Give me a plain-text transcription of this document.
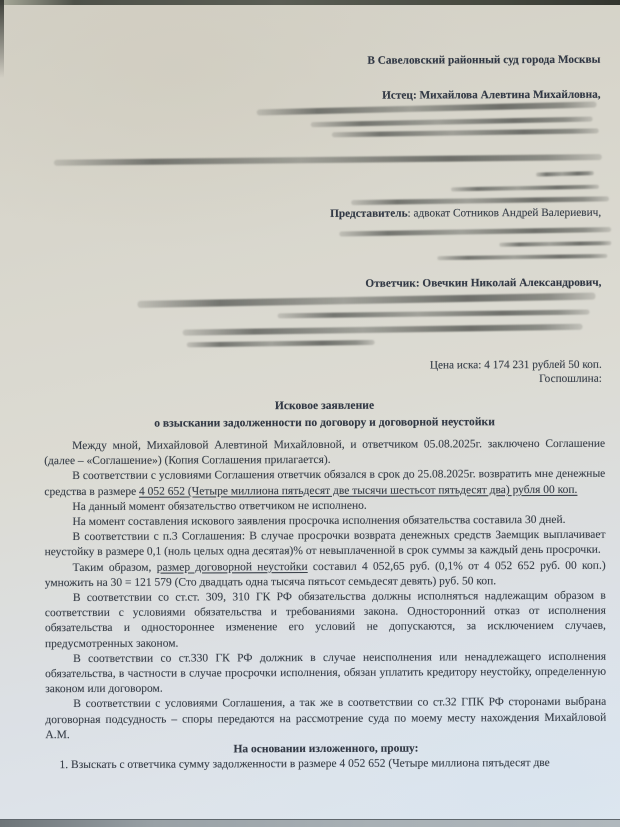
В Савеловский районный суд города Москвы
Истец: Михайлова Алевтина Михайловна,
Представитель: адвокат Сотников Андрей Валериевич,
Ответчик: Овечкин Николай Александрович,
Цена иска: 4 174 231 рублей 50 коп.
Госпошлина:
Исковое заявление
о взыскании задолженности по договору и договорной неустойки

Между мной, Михайловой Алевтиной Михайловной, и ответчиком 05.08.2025г. заключено Соглашение (далее – «Соглашение») (Копия Соглашения прилагается).

В соответствии с условиями Соглашения ответчик обязался в срок до 25.08.2025г. возвратить мне денежные средства в размере 4 052 652 (Четыре миллиона пятьдесят две тысячи шестьсот пятьдесят два) рубля 00 коп.

На данный момент обязательство ответчиком не исполнено.

На момент составления искового заявления просрочка исполнения обязательства составила 30 дней.

В соответствии с п.3 Соглашения: В случае просрочки возврата денежных средств Заемщик выплачивает неустойку в размере 0,1 (ноль целых одна десятая)% от невыплаченной в срок суммы за каждый день просрочки.

Таким образом, размер договорной неустойки составил 4 052,65 руб. (0,1% от 4 052 652 руб. 00 коп.) умножить на 30 = 121 579 (Сто двадцать одна тысяча пятьсот семьдесят девять) руб. 50 коп.

В соответствии со ст.ст. 309, 310 ГК РФ обязательства должны исполняться надлежащим образом в соответствии с условиями обязательства и требованиями закона. Односторонний отказ от исполнения обязательства и одностороннее изменение его условий не допускаются, за исключением случаев, предусмотренных законом.

В соответствии со ст.330 ГК РФ должник в случае неисполнения или ненадлежащего исполнения обязательства, в частности в случае просрочки исполнения, обязан уплатить кредитору неустойку, определенную законом или договором.

В соответствии с условиями Соглашения, а так же в соответствии со ст.32 ГПК РФ сторонами выбрана договорная подсудность – споры передаются на рассмотрение суда по моему месту нахождения Михайловой А.М.

На основании изложенного, прошу:

1. Взыскать с ответчика сумму задолженности в размере 4 052 652 (Четыре миллиона пятьдесят две
